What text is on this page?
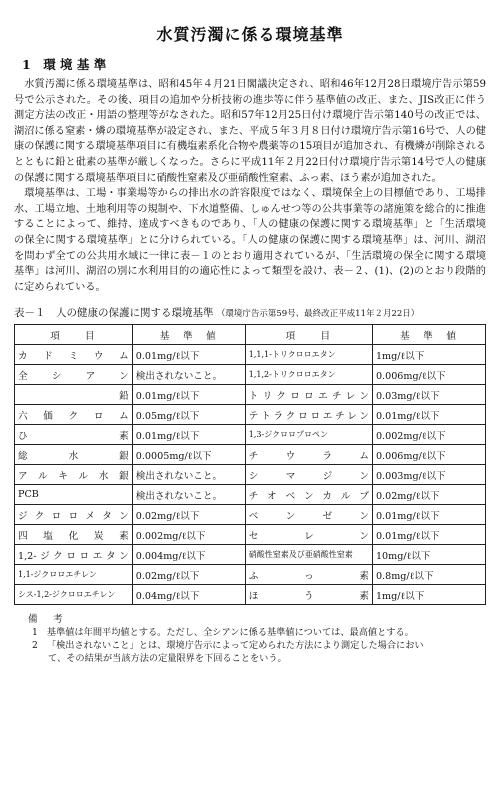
水質汚濁に係る環境基準
1　環 境 基 準

水質汚濁に係る環境基準は、昭和45年４月21日閣議決定され、昭和46年12月28日環境庁告示第59号で公示された。その後、項目の追加や分析技術の進歩等に伴う基準値の改正、また、JIS改正に伴う測定方法の改正・用語の整理等がなされた。昭和57年12月25日付け環境庁告示第140号の改正では、湖沼に係る窒素・燐の環境基準が設定され、また、平成５年３月８日付け環境庁告示第16号で、人の健康の保護に関する環境基準項目に有機塩素系化合物や農薬等の15項目が追加され、有機燐が削除されるとともに鉛と砒素の基準が厳しくなった。さらに平成11年２月22日付け環境庁告示第14号で人の健康の保護に関する環境基準項目に硝酸性窒素及び亜硝酸性窒素、ふっ素、ほう素が追加された。

環境基準は、工場・事業場等からの排出水の許容限度ではなく、環境保全上の目標値であり、工場排水、工場立地、土地利用等の規制や、下水道整備、しゅんせつ等の公共事業等の諸施策を総合的に推進することによって、維持、達成すべきものであり、「人の健康の保護に関する環境基準」と「生活環境の保全に関する環境基準」とに分けられている。「人の健康の保護に関する環境基準」は、河川、湖沼を問わず全ての公共用水域に一律に表－１のとおり適用されているが、「生活環境の保全に関する環境基準」は河川、湖沼の別に水利用目的の適応性によって類型を設け、表－２、(1)、(2)のとおり段階的に定められている。

表－１　人の健康の保護に関する環境基準 （環境庁告示第59号、最終改正平成11年２月22日）
項　　目	基　準　値	項　　目	基　準　値
カドミウム	0.01mg/ℓ以下	1,1,1-トリクロロエタン	1mg/ℓ以下
全シアン	検出されないこと。	1,1,2-トリクロロエタン	0.006mg/ℓ以下
鉛	0.01mg/ℓ以下	トリクロロエチレン	0.03mg/ℓ以下
六価クロム	0.05mg/ℓ以下	テトラクロロエチレン	0.01mg/ℓ以下
ひ素	0.01mg/ℓ以下	1,3-ジクロロプロペン	0.002mg/ℓ以下
総水銀	0.0005mg/ℓ以下	チウラム	0.006mg/ℓ以下
アルキル水銀	検出されないこと。	シマジン	0.003mg/ℓ以下
PCB	検出されないこと。	チオベンカルブ	0.02mg/ℓ以下
ジクロロメタン	0.02mg/ℓ以下	ベンゼン	0.01mg/ℓ以下
四塩化炭素	0.002mg/ℓ以下	セレン	0.01mg/ℓ以下
1,2-ジクロロエタン	0.004mg/ℓ以下	硝酸性窒素及び亜硝酸性窒素	10mg/ℓ以下
1,1-ジクロロエチレン	0.02mg/ℓ以下	ふっ素	0.8mg/ℓ以下
シス-1,2-ジクロロエチレン	0.04mg/ℓ以下	ほう素	1mg/ℓ以下
備　考
1 基準値は年間平均値とする。ただし、全シアンに係る基準値については、最高値とする。
2 「検出されないこと」とは、環境庁告示によって定められた方法により測定した場合におい
て、その結果が当該方法の定量限界を下回ることをいう。
